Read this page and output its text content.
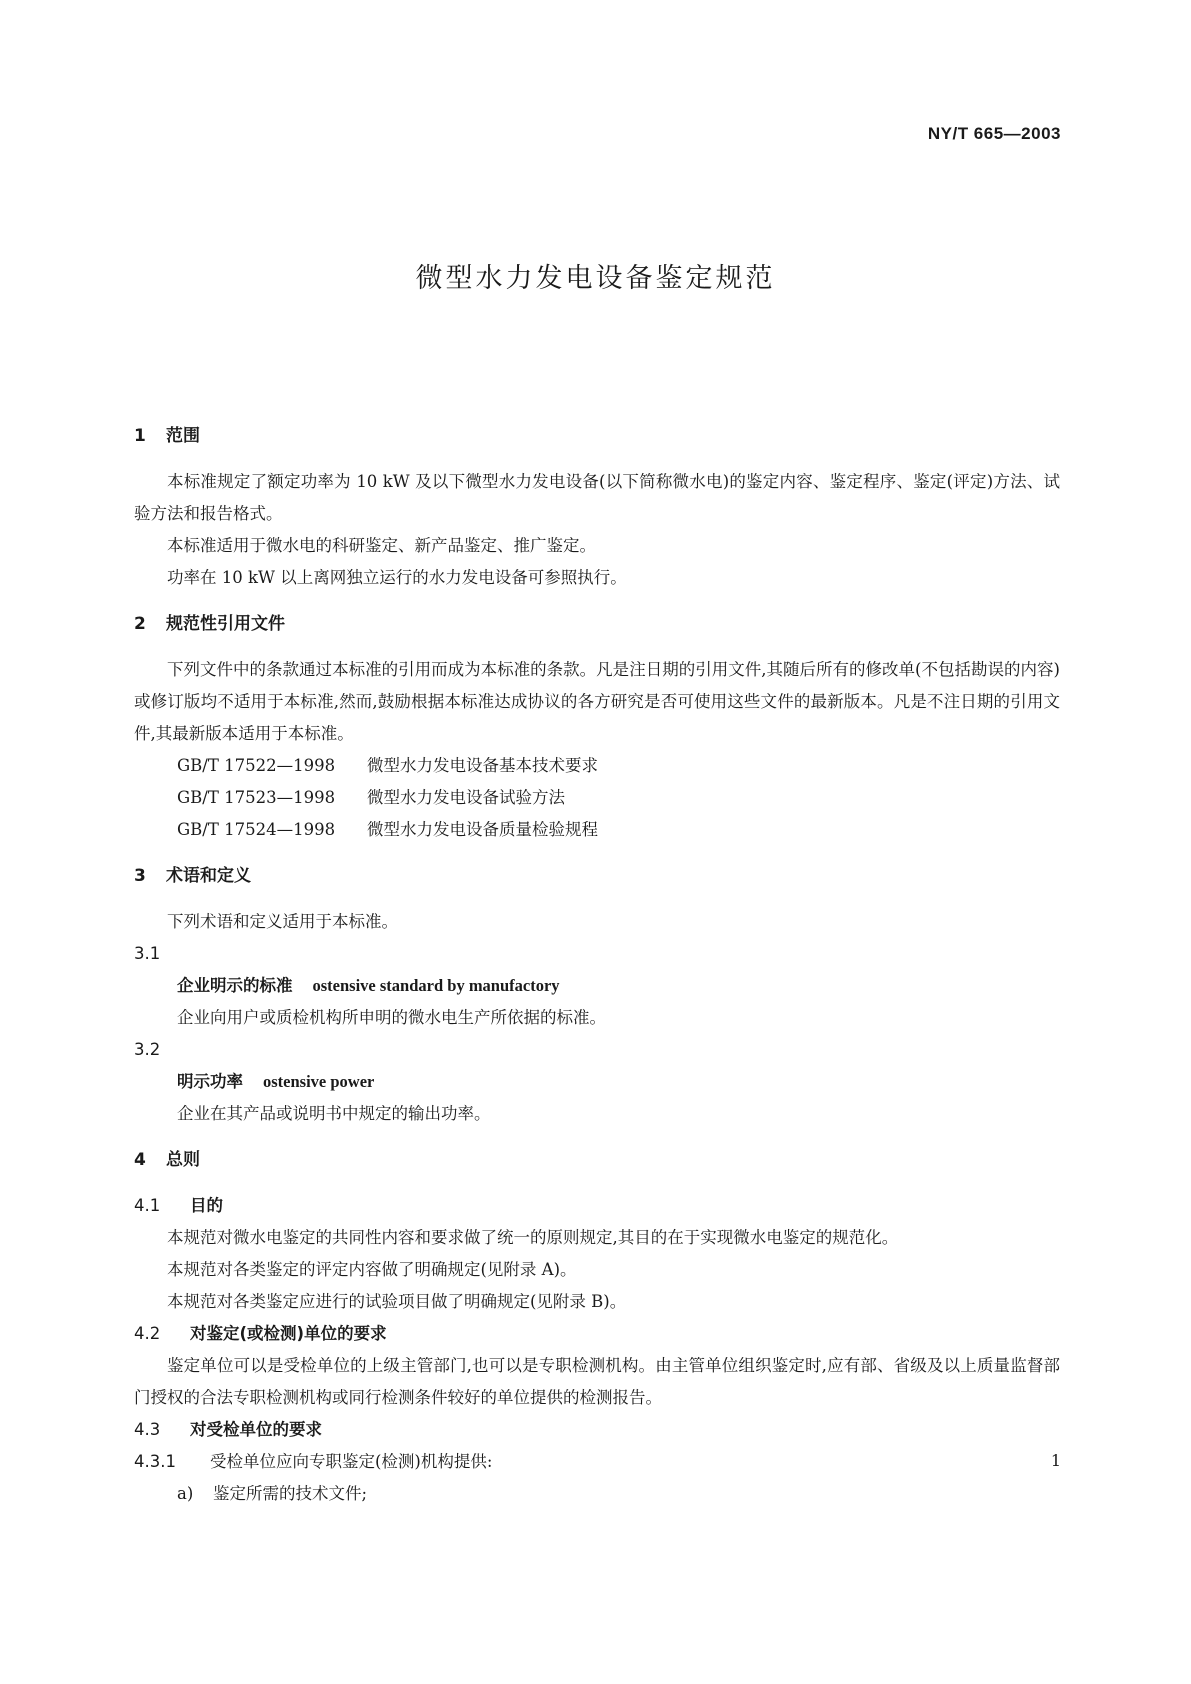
NY/T 665—2003
微型水力发电设备鉴定规范
1 范围

本标准规定了额定功率为 10 kW 及以下微型水力发电设备(以下简称微水电)的鉴定内容、鉴定程序、鉴定(评定)方法、试验方法和报告格式。

本标准适用于微水电的科研鉴定、新产品鉴定、推广鉴定。

功率在 10 kW 以上离网独立运行的水力发电设备可参照执行。

2 规范性引用文件

下列文件中的条款通过本标准的引用而成为本标准的条款。凡是注日期的引用文件,其随后所有的修改单(不包括勘误的内容)或修订版均不适用于本标准,然而,鼓励根据本标准达成协议的各方研究是否可使用这些文件的最新版本。凡是不注日期的引用文件,其最新版本适用于本标准。

GB/T 17522—1998 微型水力发电设备基本技术要求
GB/T 17523—1998 微型水力发电设备试验方法
GB/T 17524—1998 微型水力发电设备质量检验规程
3 术语和定义

下列术语和定义适用于本标准。

3.1
企业明示的标准 ostensive standard by manufactory

企业向用户或质检机构所申明的微水电生产所依据的标准。

3.2
明示功率 ostensive power

企业在其产品或说明书中规定的输出功率。

4 总则
4.1 目的

本规范对微水电鉴定的共同性内容和要求做了统一的原则规定,其目的在于实现微水电鉴定的规范化。

本规范对各类鉴定的评定内容做了明确规定(见附录 A)。

本规范对各类鉴定应进行的试验项目做了明确规定(见附录 B)。

4.2 对鉴定(或检测)单位的要求

鉴定单位可以是受检单位的上级主管部门,也可以是专职检测机构。由主管单位组织鉴定时,应有部、省级及以上质量监督部门授权的合法专职检测机构或同行检测条件较好的单位提供的检测报告。

4.3 对受检单位的要求
4.3.1 受检单位应向专职鉴定(检测)机构提供:
a) 鉴定所需的技术文件;
1
